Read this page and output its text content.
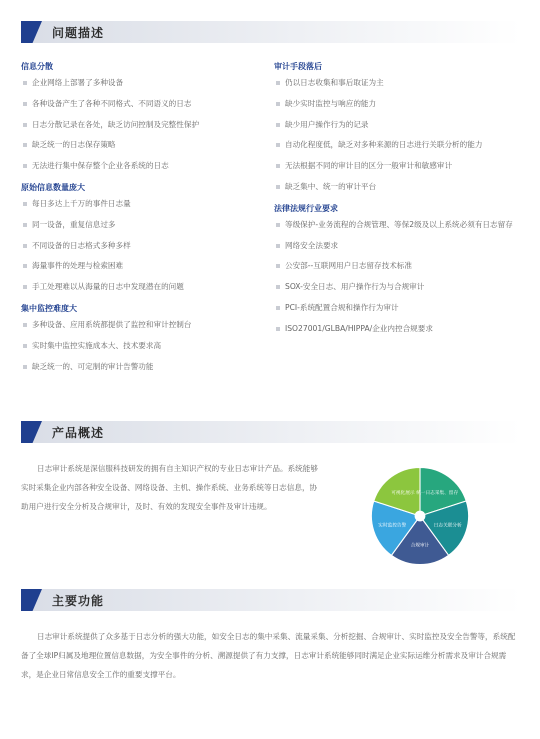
问题描述
信息分散
企业网络上部署了多种设备
各种设备产生了各种不同格式、不同语义的日志
日志分散记录在各处，缺乏访问控制及完整性保护
缺乏统一的日志保存策略
无法进行集中保存整个企业各系统的日志
原始信息数量庞大
每日多达上千万的事件日志量
同一设备，重复信息过多
不同设备的日志格式多种多样
海量事件的处理与检索困难
手工处理难以从海量的日志中发现潜在的问题
集中监控难度大
多种设备、应用系统都提供了监控和审计控制台
实时集中监控实施成本大、技术要求高
缺乏统一的、可定制的审计告警功能
审计手段落后
仍以日志收集和事后取证为主
缺少实时监控与响应的能力
缺少用户操作行为的记录
自动化程度低，缺乏对多种来源的日志进行关联分析的能力
无法根据不同的审计目的区分一般审计和敏感审计
缺乏集中、统一的审计平台
法律法规行业要求
等级保护-业务流程的合规管理、等保2级及以上系统必须有日志留存
网络安全法要求
公安部--互联网用户日志留存技术标准
SOX-安全日志、用户操作行为与合规审计
PCI-系统配置合规和操作行为审计
ISO27001/GLBA/HIPPA/企业内控合规要求
产品概述
日志审计系统是深信服科技研发的拥有自主知识产权的专业日志审计产品。系统能够实时采集企业内部各种安全设备、网络设备、主机、操作系统、业务系统等日志信息，协助用户进行安全分析及合规审计，及时、有效的发现安全事件及审计违规。
统一日志采集、留存
日志关联分析
合规审计
实时监控告警
可视化展示
主要功能
日志审计系统提供了众多基于日志分析的强大功能，如安全日志的集中采集、流量采集、分析挖掘、合规审计、实时监控及安全告警等，系统配备了全球IP归属及地理位置信息数据，为安全事件的分析、溯源提供了有力支撑，日志审计系统能够同时满足企业实际运维分析需求及审计合规需求，是企业日常信息安全工作的重要支撑平台。
